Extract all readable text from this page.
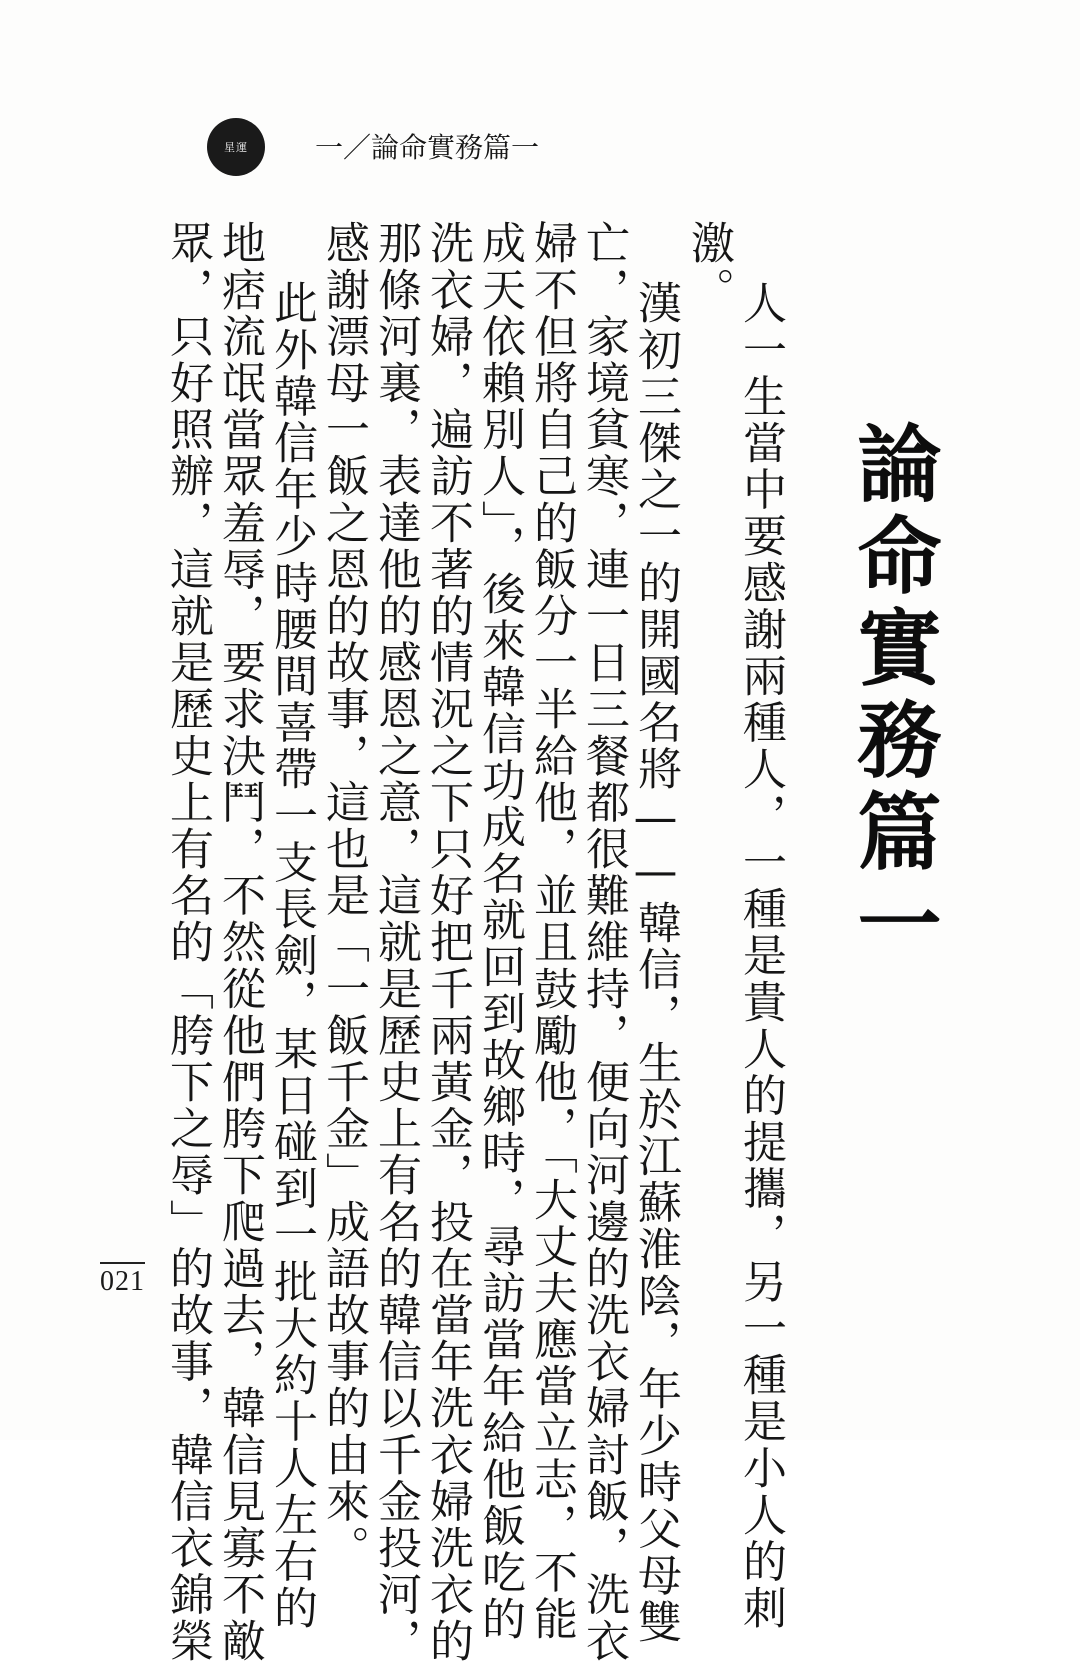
星運 一／論命實務篇一
論命實務篇一
人一生當中要感謝兩種人，一種是貴人的提攜，另一種是小人的刺
激。
漢初三傑之一的開國名將——韓信，生於江蘇淮陰，年少時父母雙
亡，家境貧寒，連一日三餐都很難維持，便向河邊的洗衣婦討飯，洗衣
婦不但將自己的飯分一半給他，並且鼓勵他，「大丈夫應當立志，不能
成天依賴別人」，後來韓信功成名就回到故鄉時，尋訪當年給他飯吃的
洗衣婦，遍訪不著的情況之下只好把千兩黃金，投在當年洗衣婦洗衣的
那條河裏，表達他的感恩之意，這就是歷史上有名的韓信以千金投河，
感謝漂母一飯之恩的故事，這也是「一飯千金」成語故事的由來。
此外韓信年少時腰間喜帶一支長劍，某日碰到一批大約十人左右的
地痞流氓當眾羞辱，要求決鬥，不然從他們胯下爬過去，韓信見寡不敵
眾，只好照辦，這就是歷史上有名的「胯下之辱」的故事，韓信衣錦榮
021
